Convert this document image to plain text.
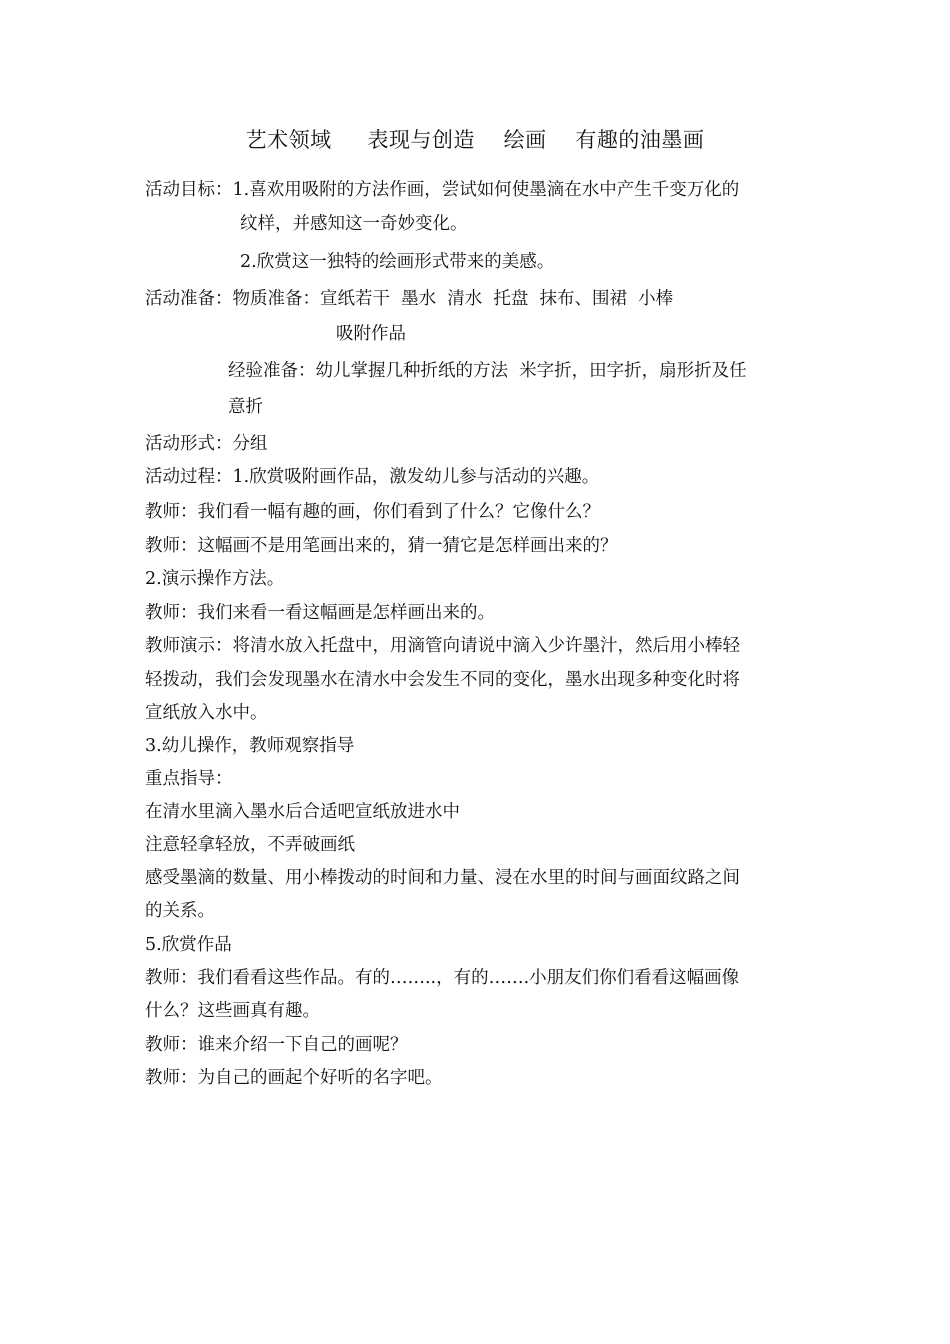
艺术领域     表现与创造    绘画    有趣的油墨画
活动目标：1.喜欢用吸附的方法作画，尝试如何使墨滴在水中产生千变万化的
纹样，并感知这一奇妙变化。
2.欣赏这一独特的绘画形式带来的美感。
活动准备：物质准备：宣纸若干  墨水  清水  托盘  抹布、围裙  小棒
吸附作品
经验准备：幼儿掌握几种折纸的方法  米字折，田字折，扇形折及任
意折
活动形式：分组
活动过程：1.欣赏吸附画作品，激发幼儿参与活动的兴趣。
教师：我们看一幅有趣的画，你们看到了什么？它像什么？
教师：这幅画不是用笔画出来的，猜一猜它是怎样画出来的？
2.演示操作方法。
教师：我们来看一看这幅画是怎样画出来的。
教师演示：将清水放入托盘中，用滴管向请说中滴入少许墨汁，然后用小棒轻
轻拨动，我们会发现墨水在清水中会发生不同的变化，墨水出现多种变化时将
宣纸放入水中。
3.幼儿操作，教师观察指导
重点指导：
在清水里滴入墨水后合适吧宣纸放进水中
注意轻拿轻放，不弄破画纸
感受墨滴的数量、用小棒拨动的时间和力量、浸在水里的时间与画面纹路之间
的关系。
5.欣赏作品
教师：我们看看这些作品。有的……..，有的…….小朋友们你们看看这幅画像
什么？这些画真有趣。
教师：谁来介绍一下自己的画呢？
教师：为自己的画起个好听的名字吧。
